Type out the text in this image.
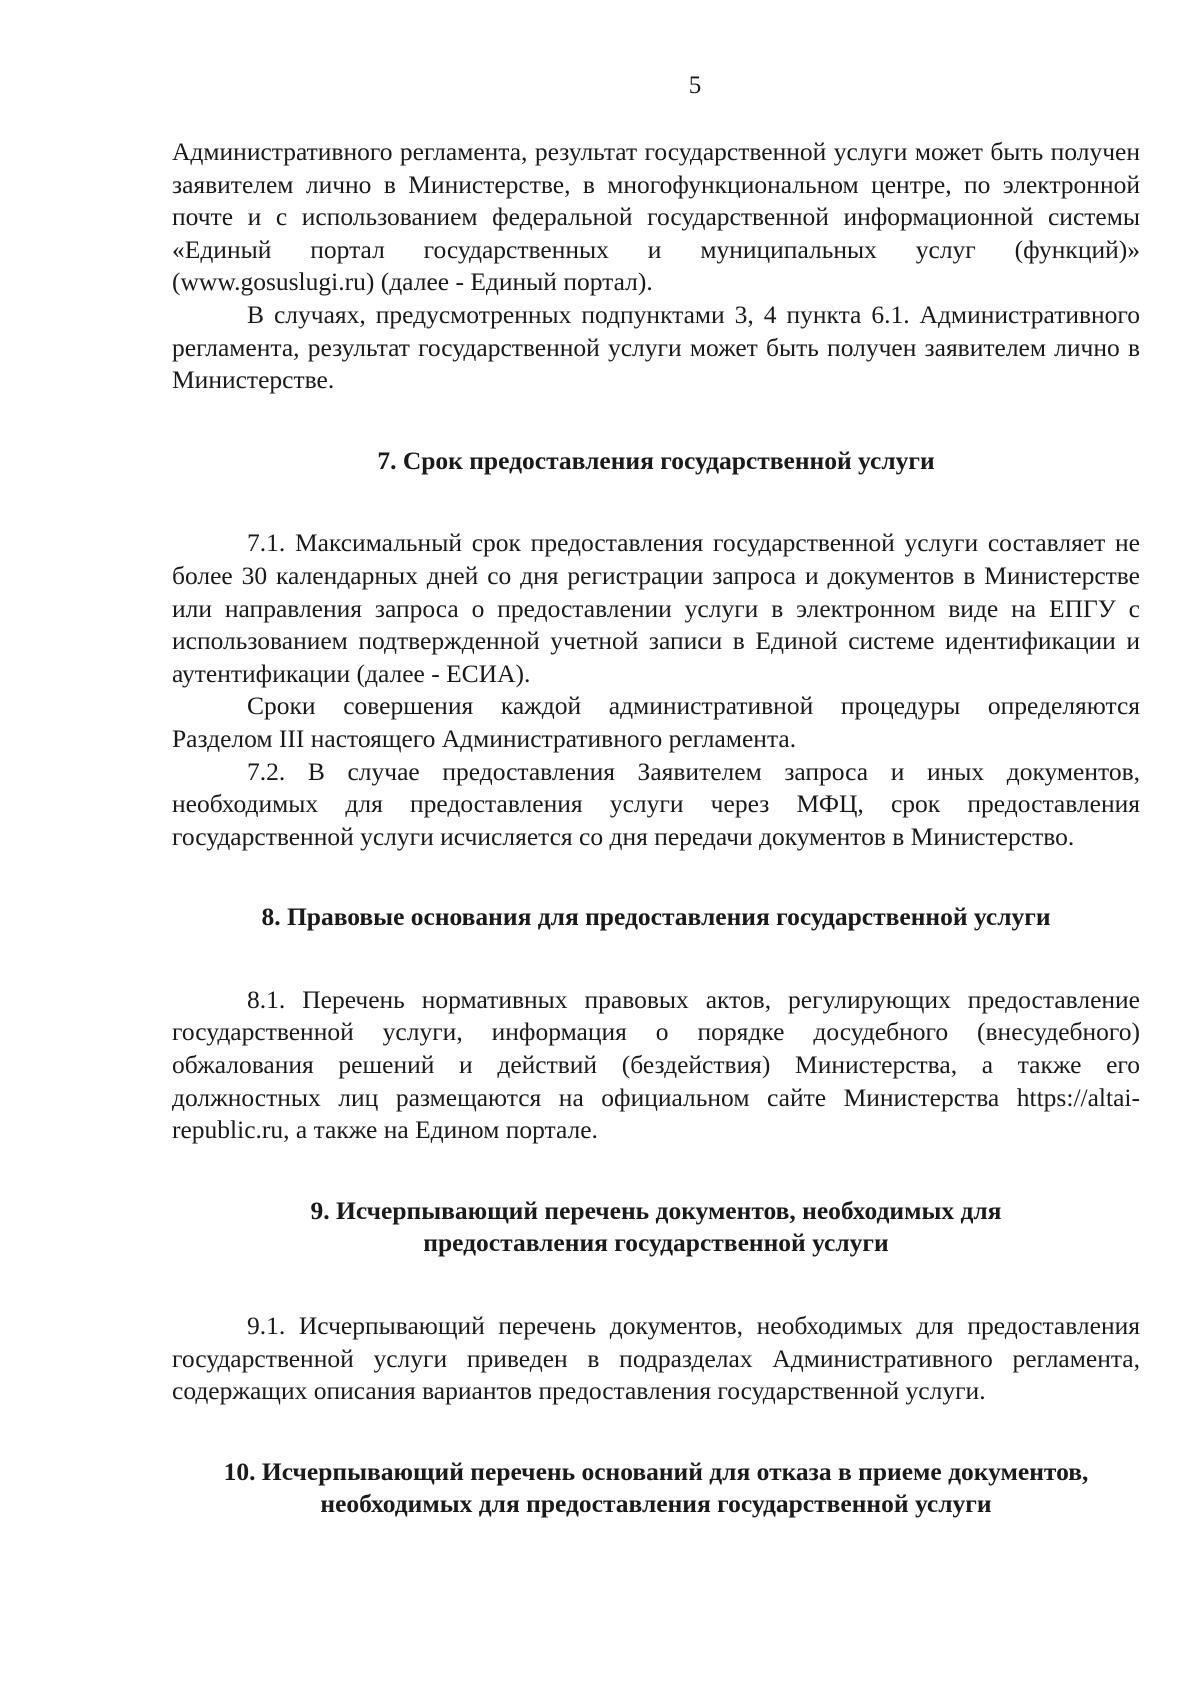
5

Административного регламента, результат государственной услуги может быть получен заявителем лично в Министерстве, в многофункциональном центре, по электронной почте и с использованием федеральной государственной информационной системы «Единый портал государственных и муниципальных услуг (функций)» (www.gosuslugi.ru) (далее - Единый портал).

В случаях, предусмотренных подпунктами 3, 4 пункта 6.1. Административного регламента, результат государственной услуги может быть получен заявителем лично в Министерстве.

7. Срок предоставления государственной услуги

7.1. Максимальный срок предоставления государственной услуги составляет не более 30 календарных дней со дня регистрации запроса и документов в Министерстве или направления запроса о предоставлении услуги в электронном виде на ЕПГУ с использованием подтвержденной учетной записи в Единой системе идентификации и аутентификации (далее - ЕСИА).

Сроки совершения каждой административной процедуры определяются Разделом III настоящего Административного регламента.

7.2. В случае предоставления Заявителем запроса и иных документов, необходимых для предоставления услуги через МФЦ, срок предоставления государственной услуги исчисляется со дня передачи документов в Министерство.

8. Правовые основания для предоставления государственной услуги

8.1. Перечень нормативных правовых актов, регулирующих предоставление государственной услуги, информация о порядке досудебного (внесудебного) обжалования решений и действий (бездействия) Министерства, а также его должностных лиц размещаются на официальном сайте Министерства https://altai-republic.ru, а также на Едином портале.

9. Исчерпывающий перечень документов, необходимых для
предоставления государственной услуги

9.1. Исчерпывающий перечень документов, необходимых для предоставления государственной услуги приведен в подразделах Административного регламента, содержащих описания вариантов предоставления государственной услуги.

10. Исчерпывающий перечень оснований для отказа в приеме документов,
необходимых для предоставления государственной услуги
